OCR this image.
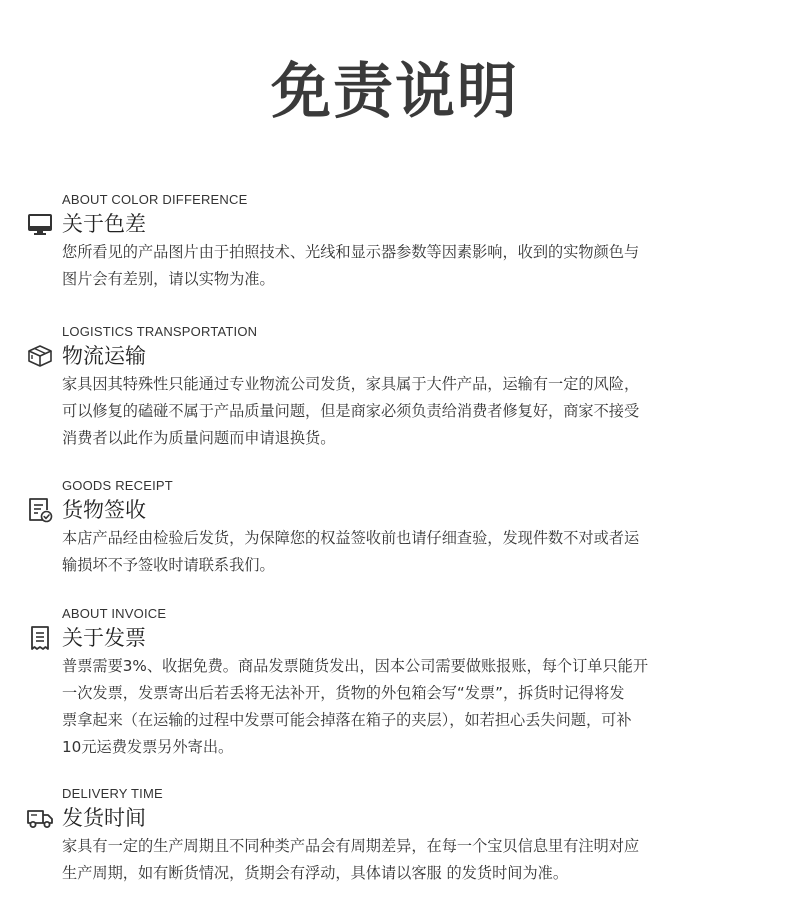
免责说明
ABOUT COLOR DIFFERENCE
关于色差
您所看见的产品图片由于拍照技术、光线和显示器参数等因素影响，收到的实物颜色与
图片会有差别，请以实物为准。
LOGISTICS TRANSPORTATION
物流运输
家具因其特殊性只能通过专业物流公司发货，家具属于大件产品，运输有一定的风险，
可以修复的磕碰不属于产品质量问题，但是商家必须负责给消费者修复好，商家不接受
消费者以此作为质量问题而申请退换货。
GOODS RECEIPT
货物签收
本店产品经由检验后发货，为保障您的权益签收前也请仔细查验，发现件数不对或者运
输损坏不予签收时请联系我们。
ABOUT INVOICE
关于发票
普票需要3%、收据免费。商品发票随货发出，因本公司需要做账报账，每个订单只能开
一次发票，发票寄出后若丢将无法补开，货物的外包箱会写“发票”，拆货时记得将发
票拿起来（在运输的过程中发票可能会掉落在箱子的夹层），如若担心丢失问题，可补
10元运费发票另外寄出。
DELIVERY TIME
发货时间
家具有一定的生产周期且不同种类产品会有周期差异，在每一个宝贝信息里有注明对应
生产周期，如有断货情况，货期会有浮动，具体请以客服 的发货时间为准。
